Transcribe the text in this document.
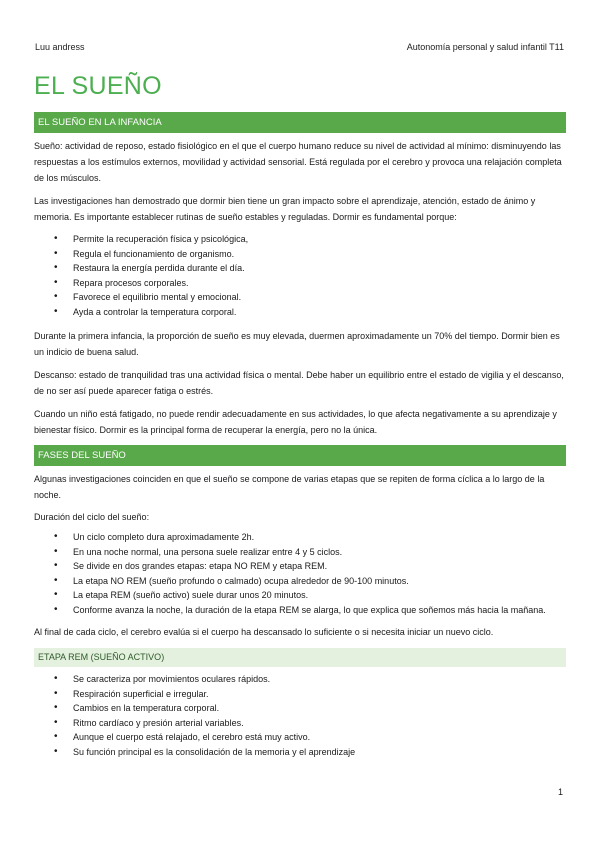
Luu andress	Autonomía personal y salud infantil T11
EL SUEÑO
EL SUEÑO EN LA INFANCIA

Sueño: actividad de reposo, estado fisiológico en el que el cuerpo humano reduce su nivel de actividad al mínimo: disminuyendo las respuestas a los estímulos externos, movilidad y actividad sensorial. Está regulada por el cerebro y provoca una relajación completa de los músculos.

Las investigaciones han demostrado que dormir bien tiene un gran impacto sobre el aprendizaje, atención, estado de ánimo y memoria. Es importante establecer rutinas de sueño estables y reguladas. Dormir es fundamental porque:

• Permite la recuperación física y psicológica,
• Regula el funcionamiento de organismo.
• Restaura la energía perdida durante el día.
• Repara procesos corporales.
• Favorece el equilibrio mental y emocional.
• Ayda a controlar la temperatura corporal.

Durante la primera infancia, la proporción de sueño es muy elevada, duermen aproximadamente un 70% del tiempo. Dormir bien es un indicio de buena salud.

Descanso: estado de tranquilidad tras una actividad física o mental. Debe haber un equilibrio entre el estado de vigilia y el descanso, de no ser así puede aparecer fatiga o estrés.

Cuando un niño está fatigado, no puede rendir adecuadamente en sus actividades, lo que afecta negativamente a su aprendizaje y bienestar físico. Dormir es la principal forma de recuperar la energía, pero no la única.

FASES DEL SUEÑO

Algunas investigaciones coinciden en que el sueño se compone de varias etapas que se repiten de forma cíclica a lo largo de la noche.

Duración del ciclo del sueño:

• Un ciclo completo dura aproximadamente 2h.
• En una noche normal, una persona suele realizar entre 4 y 5 ciclos.
• Se divide en dos grandes etapas: etapa NO REM y etapa REM.
• La etapa NO REM (sueño profundo o calmado) ocupa alrededor de 90-100 minutos.
• La etapa REM (sueño activo) suele durar unos 20 minutos.
• Conforme avanza la noche, la duración de la etapa REM se alarga, lo que explica que soñemos más hacia la mañana.

Al final de cada ciclo, el cerebro evalúa si el cuerpo ha descansado lo suficiente o si necesita iniciar un nuevo ciclo.

ETAPA REM (SUEÑO ACTIVO)
• Se caracteriza por movimientos oculares rápidos.
• Respiración superficial e irregular.
• Cambios en la temperatura corporal.
• Ritmo cardíaco y presión arterial variables.
• Aunque el cuerpo está relajado, el cerebro está muy activo.
• Su función principal es la consolidación de la memoria y el aprendizaje
1
